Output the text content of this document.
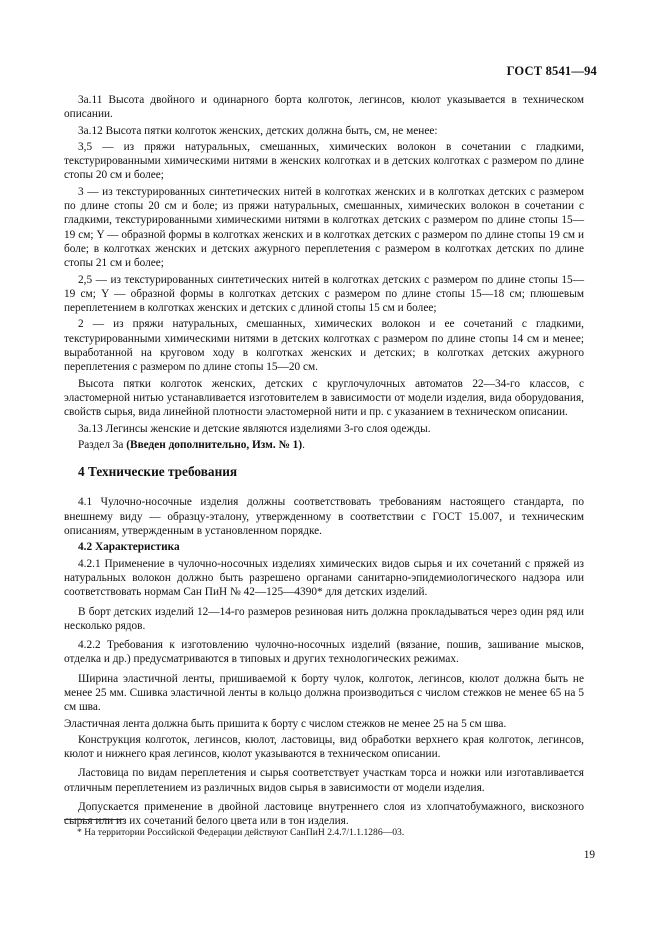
ГОСТ 8541—94

3а.11 Высота двойного и одинарного борта колготок, легинсов, кюлот указывается в техническом описании.

3а.12 Высота пятки колготок женских, детских должна быть, см, не менее:

3,5 — из пряжи натуральных, смешанных, химических волокон в сочетании с гладкими, текстурированными химическими нитями в женских колготках и в детских колготках с размером по длине стопы 20 см и более;

3 — из текстурированных синтетических нитей в колготках женских и в колготках детских с размером по длине стопы 20 см и боле; из пряжи натуральных, смешанных, химических волокон в сочетании с гладкими, текстурированными химическими нитями в колготках детских с размером по длине стопы 15—19 см; Y — образной формы в колготках женских и в колготках детских с размером по длине стопы 19 см и боле; в колготках женских и детских ажурного переплетения с размером в колготках детских по длине стопы 21 см и более;

2,5 — из текстурированных синтетических нитей в колготках детских с размером по длине стопы 15—19 см; Y — образной формы в колготках детских с размером по длине стопы 15—18 см; плюшевым переплетением в колготках женских и детских с длиной стопы 15 см и более;

2 — из пряжи натуральных, смешанных, химических волокон и ее сочетаний с гладкими, текстурированными химическими нитями в детских колготках с размером по длине стопы 14 см и менее; выработанной на круговом ходу в колготках женских и детских; в колготках детских ажурного переплетения с размером по длине стопы 15—20 см.

Высота пятки колготок женских, детских с круглочулочных автоматов 22—34-го классов, с эластомерной нитью устанавливается изготовителем в зависимости от модели изделия, вида оборудования, свойств сырья, вида линейной плотности эластомерной нити и пр. с указанием в техническом описании.

3а.13 Легинсы женские и детские являются изделиями 3-го слоя одежды.

Раздел 3а (Введен дополнительно, Изм. № 1).

4 Технические требования

4.1 Чулочно-носочные изделия должны соответствовать требованиям настоящего стандарта, по внешнему виду — образцу-эталону, утвержденному в соответствии с ГОСТ 15.007, и техническим описаниям, утвержденным в установленном порядке.

4.2 Характеристика

4.2.1 Применение в чулочно-носочных изделиях химических видов сырья и их сочетаний с пряжей из натуральных волокон должно быть разрешено органами санитарно-эпидемиологического надзора или соответствовать нормам Сан ПиН № 42—125—4390* для детских изделий.

В борт детских изделий 12—14-го размеров резиновая нить должна прокладываться через один ряд или несколько рядов.

4.2.2 Требования к изготовлению чулочно-носочных изделий (вязание, пошив, зашивание мысков, отделка и др.) предусматриваются в типовых и других технологических режимах.

Ширина эластичной ленты, пришиваемой к борту чулок, колготок, легинсов, кюлот должна быть не менее 25 мм. Сшивка эластичной ленты в кольцо должна производиться с числом стежков не менее 65 на 5 см шва.

Эластичная лента должна быть пришита к борту с числом стежков не менее 25 на 5 см шва.

Конструкция колготок, легинсов, кюлот, ластовицы, вид обработки верхнего края колготок, легинсов, кюлот и нижнего края легинсов, кюлот указываются в техническом описании.

Ластовица по видам переплетения и сырья соответствует участкам торса и ножки или изготавливается отличным переплетением из различных видов сырья в зависимости от модели изделия.

Допускается применение в двойной ластовице внутреннего слоя из хлопчатобумажного, вискозного сырья или из их сочетаний белого цвета или в тон изделия.

* На территории Российской Федерации действуют СанПиН 2.4.7/1.1.1286—03.
19
